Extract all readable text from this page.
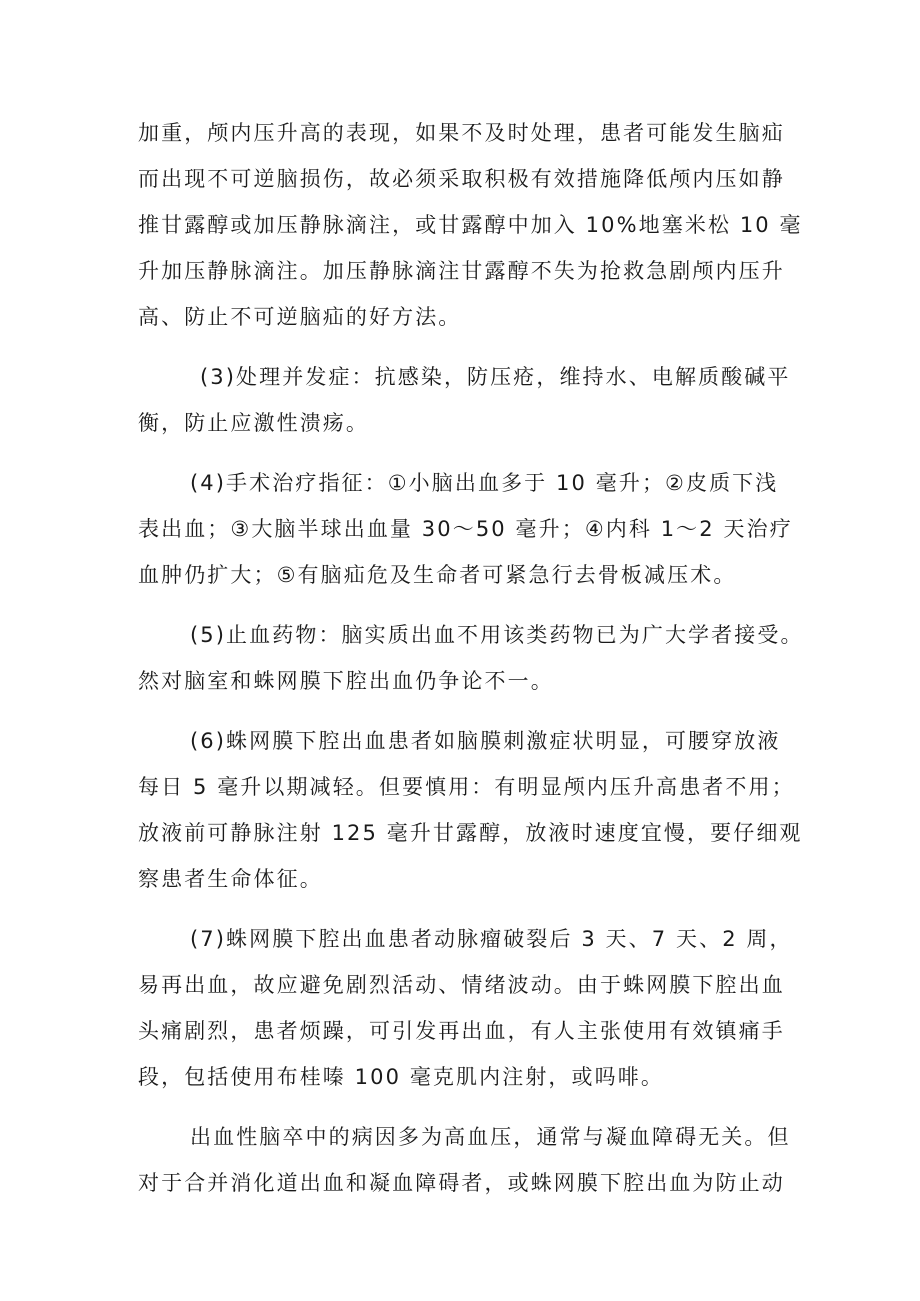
加重，颅内压升高的表现，如果不及时处理，患者可能发生脑疝
而出现不可逆脑损伤，故必须采取积极有效措施降低颅内压如静
推甘露醇或加压静脉滴注，或甘露醇中加入 10%地塞米松 10 毫
升加压静脉滴注。加压静脉滴注甘露醇不失为抢救急剧颅内压升
高、防止不可逆脑疝的好方法。
(3)处理并发症：抗感染，防压疮，维持水、电解质酸碱平
衡，防止应激性溃疡。
(4)手术治疗指征：①小脑出血多于 10 毫升；②皮质下浅
表出血；③大脑半球出血量 30～50 毫升；④内科 1～2 天治疗
血肿仍扩大；⑤有脑疝危及生命者可紧急行去骨板减压术。
(5)止血药物：脑实质出血不用该类药物已为广大学者接受。
然对脑室和蛛网膜下腔出血仍争论不一。
(6)蛛网膜下腔出血患者如脑膜刺激症状明显，可腰穿放液
每日 5 毫升以期减轻。但要慎用：有明显颅内压升高患者不用；
放液前可静脉注射 125 毫升甘露醇，放液时速度宜慢，要仔细观
察患者生命体征。
(7)蛛网膜下腔出血患者动脉瘤破裂后 3 天、7 天、2 周，
易再出血，故应避免剧烈活动、情绪波动。由于蛛网膜下腔出血
头痛剧烈，患者烦躁，可引发再出血，有人主张使用有效镇痛手
段，包括使用布桂嗪 100 毫克肌内注射，或吗啡。
出血性脑卒中的病因多为高血压，通常与凝血障碍无关。但
对于合并消化道出血和凝血障碍者，或蛛网膜下腔出血为防止动
